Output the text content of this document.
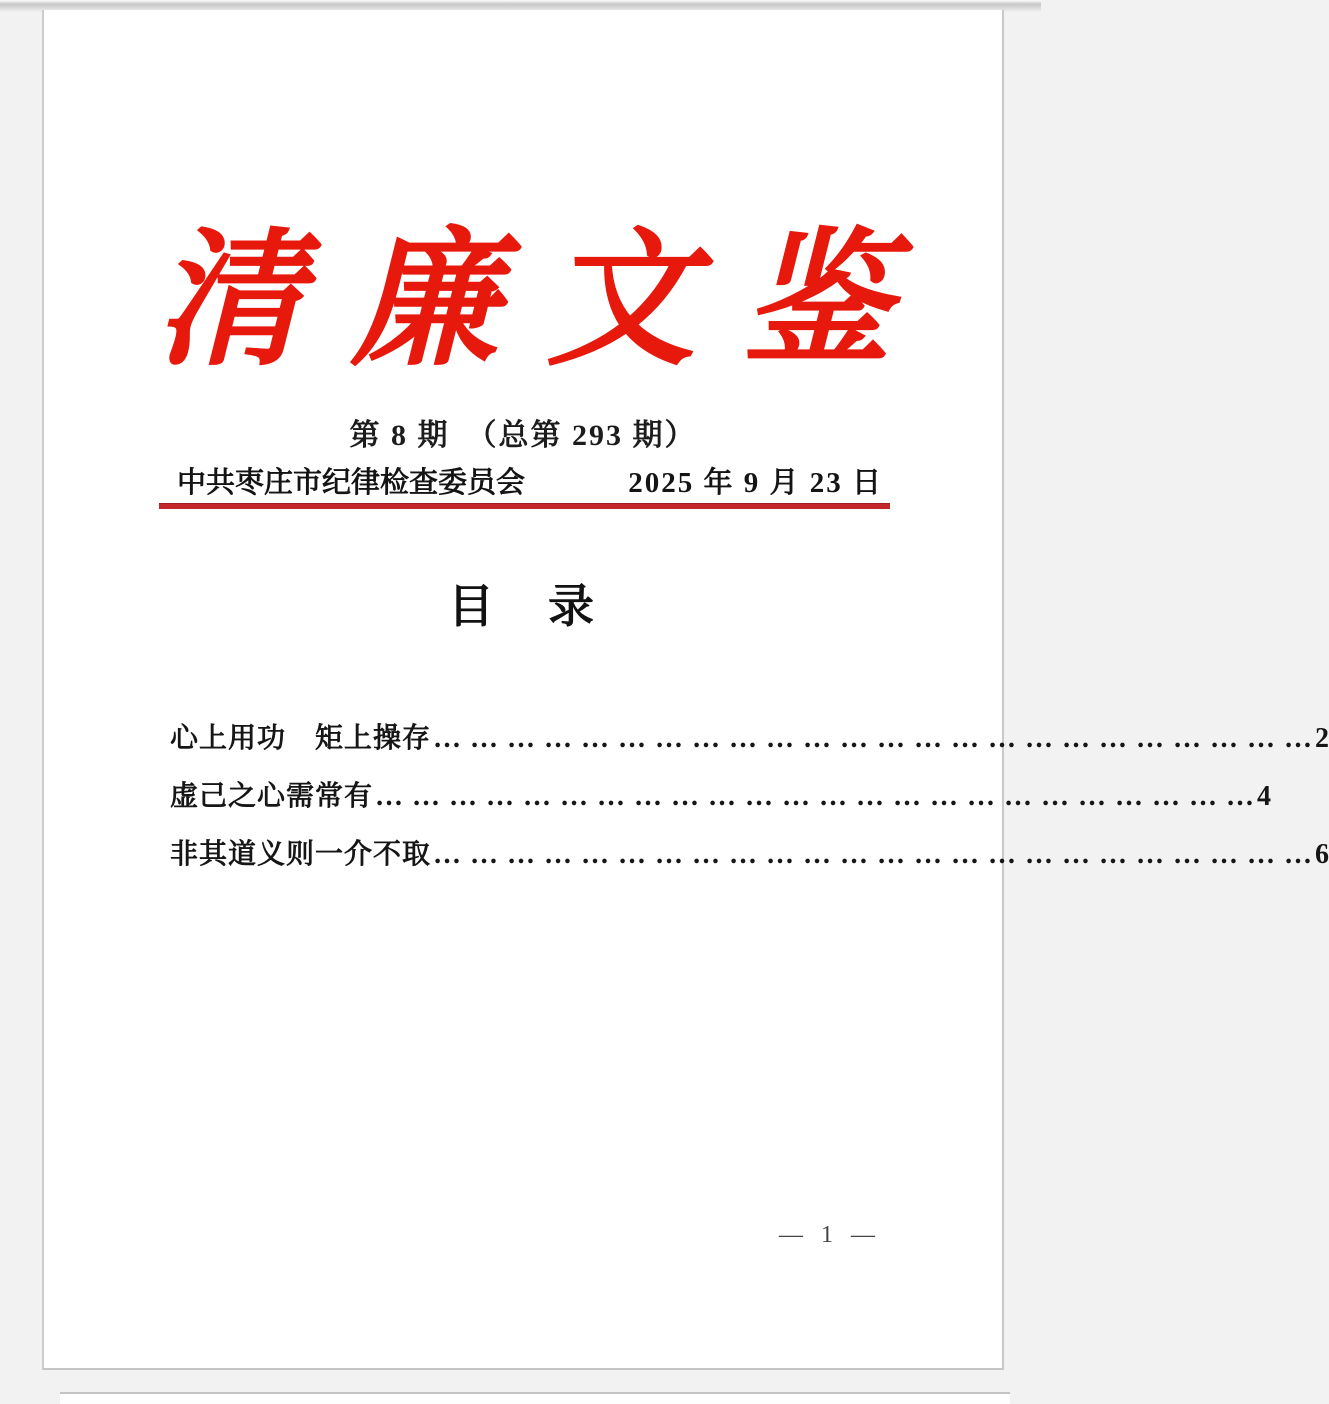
清廉文鉴
第 8 期　（总第 293 期）
中共枣庄市纪律检查委员会	2025 年 9 月 23 日
目　录
心上用功　矩上操存 … … … … … … … … … … … … … … … … … … … … … … … … 2
虚己之心需常有 … … … … … … … … … … … … … … … … … … … … … … … … 4
非其道义则一介不取 … … … … … … … … … … … … … … … … … … … … … … … … 6
— 1 —
